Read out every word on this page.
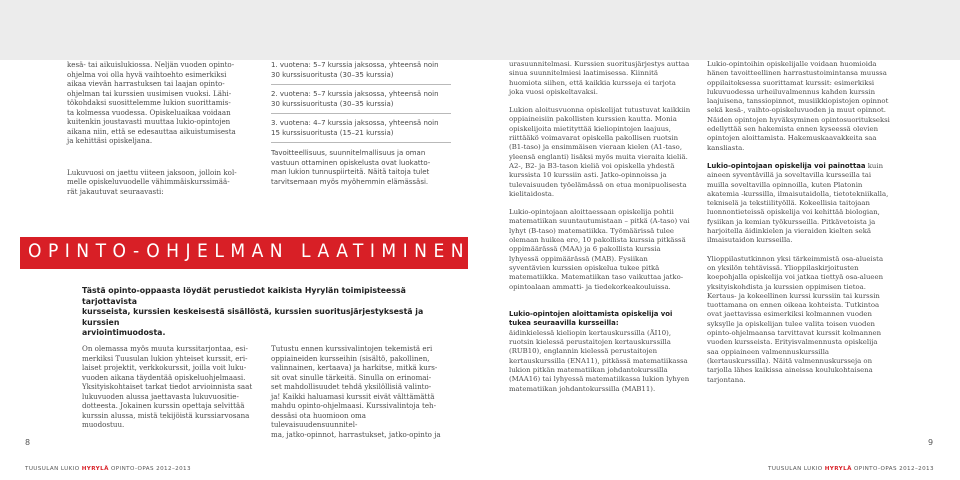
kesä- tai aikuislukiossa. Neljän vuoden opinto-
ohjelma voi olla hyvä vaihtoehto esimerkiksi
aikaa vievän harrastuksen tai laajan opinto-
ohjelman tai kurssien uusimisen vuoksi. Lähi-
tökohdaksi suosittelemme lukion suorittamis-
ta kolmessa vuodessa. Opiskeluaikaa voidaan
kuitenkin joustavasti muuttaa lukio-opintojen
aikana niin, että se edesauttaa aikuistumisesta
ja kehittäsi opiskeljana.

Lukuvuosi on jaettu viiteen jaksoon, jolloin kol-
melle opiskeluvuodelle vähimmäiskurssimää-
rät jakautuvat seuraavasti:

1. vuotena: 5–7 kurssia jaksossa, yhteensä noin
30 kurssisuoritusta (30–35 kurssia)
2. vuotena: 5–7 kurssia jaksossa, yhteensä noin
30 kurssisuoritusta (30–35 kurssia)
3. vuotena: 4–7 kurssia jaksossa, yhteensä noin
15 kurssisuoritusta (15–21 kurssia)
Tavoitteellisuus, suunnitelmallisuus ja oman
vastuun ottaminen opiskelusta ovat luokatto-
man lukion tunnuspiirteitä. Näitä taitoja tulet
tarvitsemaan myös myöhemmin elämässäsi.
OPINTO-OHJELMAN LAATIMINEN
Tästä opinto-oppaasta löydät perustiedot kaikista Hyrylän toimipisteessä tarjottavista
kursseista, kurssien keskeisestä sisällöstä, kurssien suoritusjärjestyksestä ja kurssien
arviointimuodosta.

On olemassa myös muuta kurssitarjontaa, esi-
merkiksi Tuusulan lukion yhteiset kurssit, eri-
laiset projektit, verkkokurssit, joilla voit luku-
vuoden aikana täydentää opiskeluohjelmaasi.
Yksityiskohtaiset tarkat tiedot arvioinnista saat
lukuvuoden alussa jaettavasta lukuvuositie-
dotteesta. Jokainen kurssin opettaja selvittää
kurssin alussa, mistä tekijöistä kurssiarvosana
muodostuu.

Tutustu ennen kurssivalintojen tekemistä eri
oppiaineiden kursseihin (sisältö, pakollinen,
valinnainen, kertaava) ja harkitse, mitkä kurs-
sit ovat sinulle tärkeitä. Sinulla on erinomai-
set mahdollisuudet tehdä yksilöllisiä valinto-
ja! Kaikki haluamasi kurssit eivät välttämättä
mahdu opinto-ohjelmaasi. Kurssivalintoja teh-
dessäsi ota huomioon oma tulevaisuudensuunnitel-
ma, jatko-opinnot, harrastukset, jatko-opinto ja

8
TUUSULAN LUKIO HYRYLÄ OPINTO-OPAS 2012–2013

urasuunnitelmasi. Kurssien suoritusjärjestys auttaa sinua suunnitelmiesi laatimisessa. Kiinnitä huomiota siihen, että kaikkia kursseja ei tarjota joka vuosi opiskeltavaksi.

Lukion aloitusvuonna opiskelijat tutustuvat kaikkiin oppiaineisiin pakollisten kurssien kautta. Monia opiskelijoita mietityttää kieliopintojen laajuus, riittääkö voimavarat opiskella pakollisen ruotsin (B1-taso) ja ensimmäisen vieraan kielen (A1-taso, yleensä englanti) lisäksi myös muita vieraita kieliä. A2-, B2- ja B3-tason kieliä voi opiskella yhdestä kurssista 10 kurssiin asti. Jatko-opinnoissa ja tulevaisuuden työelämässä on etua monipuolisesta kielitaidosta.

Lukio-opintojaan aloittaessaan opiskelija pohtii matematiikan suuntautumistaan – pitkä (A-taso) vai lyhyt (B-taso) matematiikka. Työmäärissä tulee olemaan huikea ero, 10 pakollista kurssia pitkässä oppimäärässä (MAA) ja 6 pakollista kurssia lyhyessä oppimäärässä (MAB). Fysiikan syventävien kurssien opiskelua tukee pitkä matematiikka. Matematiikan taso vaikuttaa jatko-opintoalaan ammatti- ja tiedekorkeakouluissa.

Lukio-opintojen aloittamista opiskelija voi tukea seuraavilla kursseilla:
äidinkielessä kieliopin kertauskurssilla (ÄI10), ruotsin kielessä perustaitojen kertauskurssilla (RUB10), englannin kielessä perustaitojen kertauskurssilla (ENA11), pitkässä matematiikassa lukion pitkän matematiikan johdantokurssilla (MAA16) tai lyhyessä matematiikassa lukion lyhyen matematiikan johdantokurssilla (MAB11).

Lukio-opintoihin opiskelijalle voidaan huomioida hänen tavoitteellinen harrastustoimintansa muussa oppilaitoksessa suorittamat kurssit: esimerkiksi lukuvuodessa urheiluvalmennus kahden kurssin laajuisena, tanssiopinnot, musiikkiopistojen opinnot sekä kesä-, vaihto-opiskeluvuoden ja muut opinnot. Näiden opintojen hyväksyminen opintosuoritukseksi edellyttää sen hakemista ennen kyseessä olevien opintojen aloittamista. Hakemuskaavakkeita saa kansliasta.

Lukio-opintojaan opiskelija voi painottaa kuin aineen syventävillä ja soveltavilla kursseilla tai muilla soveltavilla opinnoilla, kuten Platonin akatemia -kurssilla, ilmaisutaidolla, tietotekniikalla, tekniselä ja tekstiilityöllä. Kokeellisia taitojaan luonnontieteissä opiskelija voi kehittää biologian, fysiikan ja kemian työkursseilla. Pitkävetoista ja harjoitella äidinkielen ja vieraiden kielten sekä ilmaisutaidon kursseilla.

Ylioppilastutkinnon yksi tärkeimmistä osa-alueista on yksilön tehtävissä. Ylioppilaskirjoitusten koepohjalla opiskelija voi jatkaa tiettyä osa-alueen yksityiskohdista ja kurssien oppimisen tietoa. Kertaus- ja kokeellinen kurssi kurssiin tai kurssin tuottamana on ennen oikeaa kohteista. Tutkintoa ovat jaettavissa esimerkiksi kolmannen vuoden syksylle ja opiskelijan tulee valita toisen vuoden opinto-ohjelmaansa tarvittavat kurssit kolmannen vuoden kursseista. Erityisvalmennusta opiskelija saa oppiaineen valmennuskurssilla (kertauskurssilla). Näitä valmennuskursseja on tarjolla lähes kaikissa aineissa koulukohtaisena tarjontana.

9
TUUSULAN LUKIO HYRYLÄ OPINTO-OPAS 2012–2013
